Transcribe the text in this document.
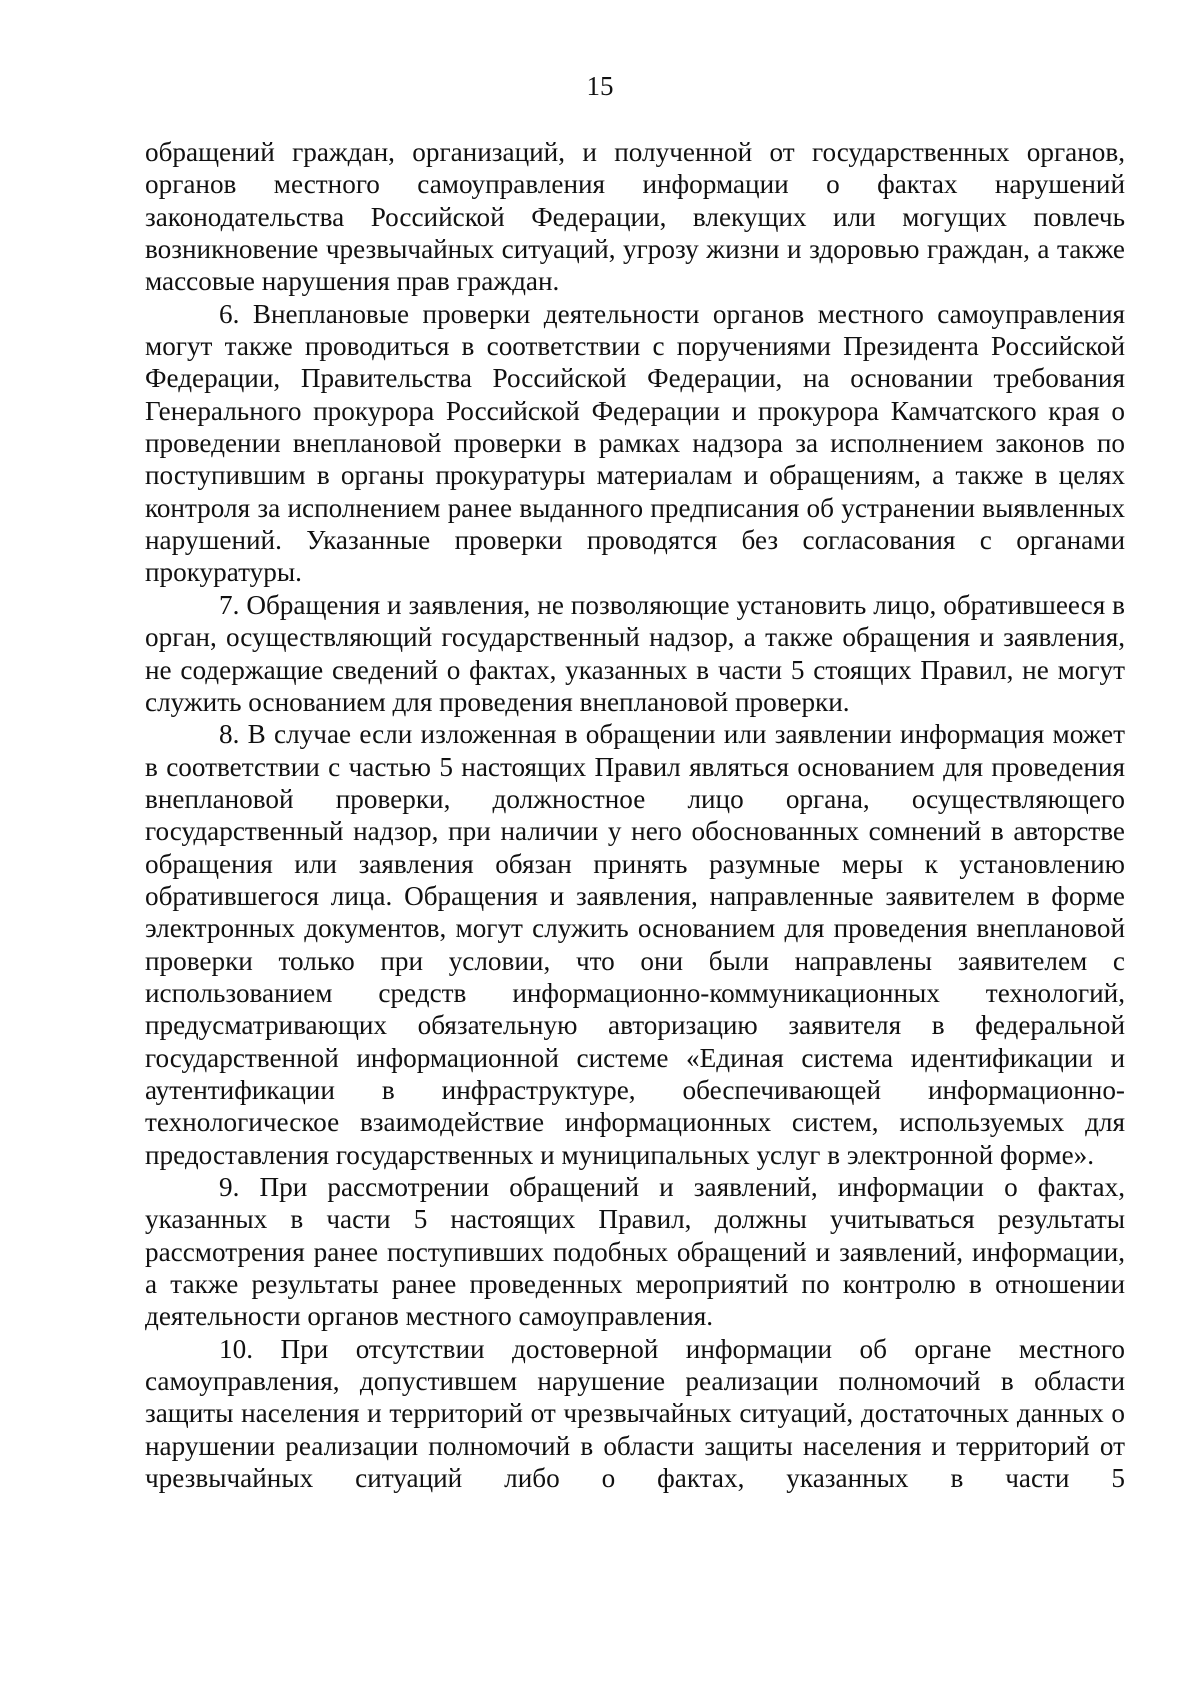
15

обращений граждан, организаций, и полученной от государственных органов, органов местного самоуправления информации о фактах нарушений законодательства Российской Федерации, влекущих или могущих повлечь возникновение чрезвычайных ситуаций, угрозу жизни и здоровью граждан, а также массовые нарушения прав граждан.

6. Внеплановые проверки деятельности органов местного самоуправления могут также проводиться в соответствии с поручениями Президента Российской Федерации, Правительства Российской Федерации, на основании требования Генерального прокурора Российской Федерации и прокурора Камчатского края о проведении внеплановой проверки в рамках надзора за исполнением законов по поступившим в органы прокуратуры материалам и обращениям, а также в целях контроля за исполнением ранее выданного предписания об устранении выявленных нарушений. Указанные проверки проводятся без согласования с органами прокуратуры.

7. Обращения и заявления, не позволяющие установить лицо, обратившееся в орган, осуществляющий государственный надзор, а также обращения и заявления, не содержащие сведений о фактах, указанных в части 5 стоящих Правил, не могут служить основанием для проведения внеплановой проверки.

8. В случае если изложенная в обращении или заявлении информация может в соответствии с частью 5 настоящих Правил являться основанием для проведения внеплановой проверки, должностное лицо органа, осуществляющего государственный надзор, при наличии у него обоснованных сомнений в авторстве обращения или заявления обязан принять разумные меры к установлению обратившегося лица. Обращения и заявления, направленные заявителем в форме электронных документов, могут служить основанием для проведения внеплановой проверки только при условии, что они были направлены заявителем с использованием средств информационно-коммуникационных технологий, предусматривающих обязательную авторизацию заявителя в федеральной государственной информационной системе «Единая система идентификации и аутентификации в инфраструктуре, обеспечивающей информационно-технологическое взаимодействие информационных систем, используемых для предоставления государственных и муниципальных услуг в электронной форме».

9. При рассмотрении обращений и заявлений, информации о фактах, указанных в части 5 настоящих Правил, должны учитываться результаты рассмотрения ранее поступивших подобных обращений и заявлений, информации, а также результаты ранее проведенных мероприятий по контролю в отношении деятельности органов местного самоуправления.

10. При отсутствии достоверной информации об органе местного самоуправления, допустившем нарушение реализации полномочий в области защиты населения и территорий от чрезвычайных ситуаций, достаточных данных о нарушении реализации полномочий в области защиты населения и территорий от чрезвычайных ситуаций либо о фактах, указанных в части 5
